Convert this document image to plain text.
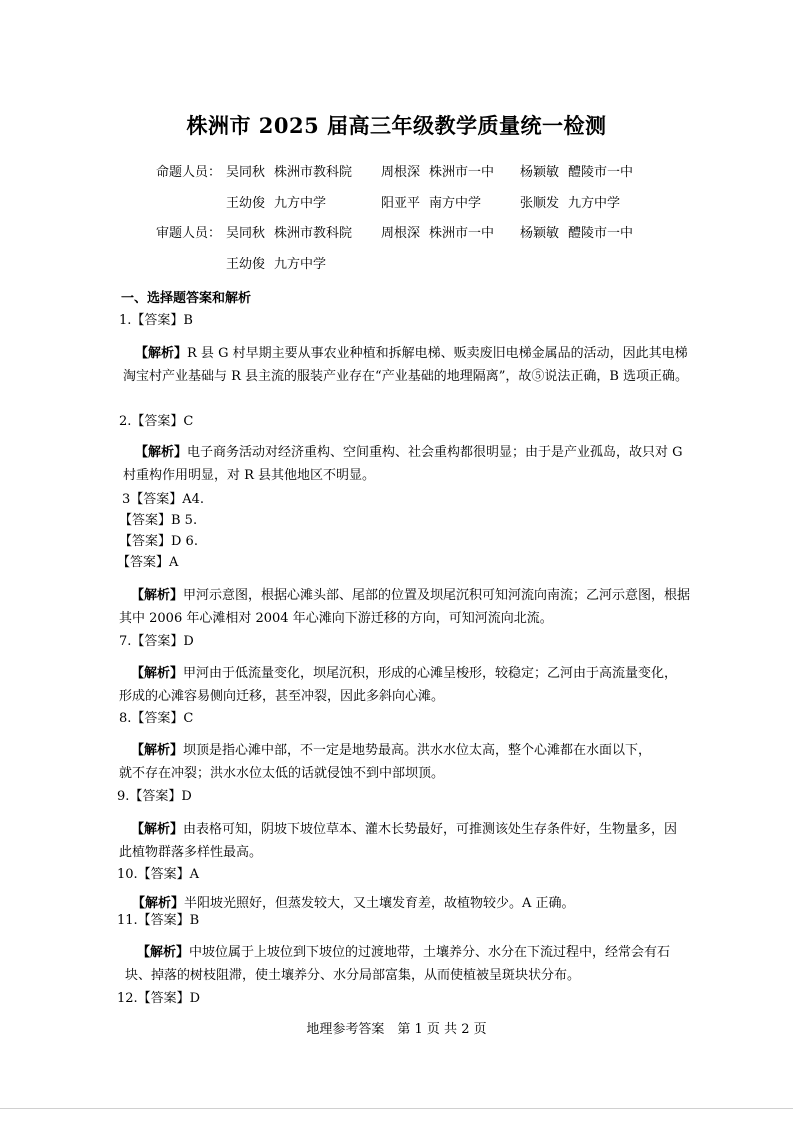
株洲市 2025 届高三年级教学质量统一检测
命题人员： 吴同秋 株洲市教科院 周根深 株洲市一中 杨颖敏 醴陵市一中
王幼俊 九方中学	阳亚平 南方中学	张顺发 九方中学
审题人员： 吴同秋 株洲市教科院 周根深 株洲市一中 杨颖敏 醴陵市一中
王幼俊 九方中学
一、选择题答案和解析
1.【答案】B
【解析】R 县 G 村早期主要从事农业种植和拆解电梯、贩卖废旧电梯金属品的活动，因此其电梯淘宝村产业基础与 R 县主流的服装产业存在“产业基础的地理隔离”，故⑤说法正确，B 选项正确。
2.【答案】C
【解析】电子商务活动对经济重构、空间重构、社会重构都很明显；由于是产业孤岛，故只对 G 村重构作用明显，对 R 县其他地区不明显。
3【答案】A4.
【答案】B 5.
【答案】D 6.
【答案】A
【解析】甲河示意图，根据心滩头部、尾部的位置及坝尾沉积可知河流向南流；乙河示意图，根据其中 2006 年心滩相对 2004 年心滩向下游迁移的方向，可知河流向北流。
7.【答案】D
【解析】甲河由于低流量变化，坝尾沉积，形成的心滩呈梭形，较稳定；乙河由于高流量变化，形成的心滩容易侧向迁移，甚至冲裂，因此多斜向心滩。
8.【答案】C
【解析】坝顶是指心滩中部，不一定是地势最高。洪水水位太高，整个心滩都在水面以下，就不存在冲裂；洪水水位太低的话就侵蚀不到中部坝顶。
9.【答案】D
【解析】由表格可知，阴坡下坡位草本、灌木长势最好，可推测该处生存条件好，生物量多，因此植物群落多样性最高。
10.【答案】A
【解析】半阳坡光照好，但蒸发较大，又土壤发育差，故植物较少。A 正确。
11.【答案】B
【解析】中坡位属于上坡位到下坡位的过渡地带，土壤养分、水分在下流过程中，经常会有石块、掉落的树枝阻滞，使土壤养分、水分局部富集，从而使植被呈斑块状分布。
12.【答案】D
地理参考答案　第 1 页 共 2 页
